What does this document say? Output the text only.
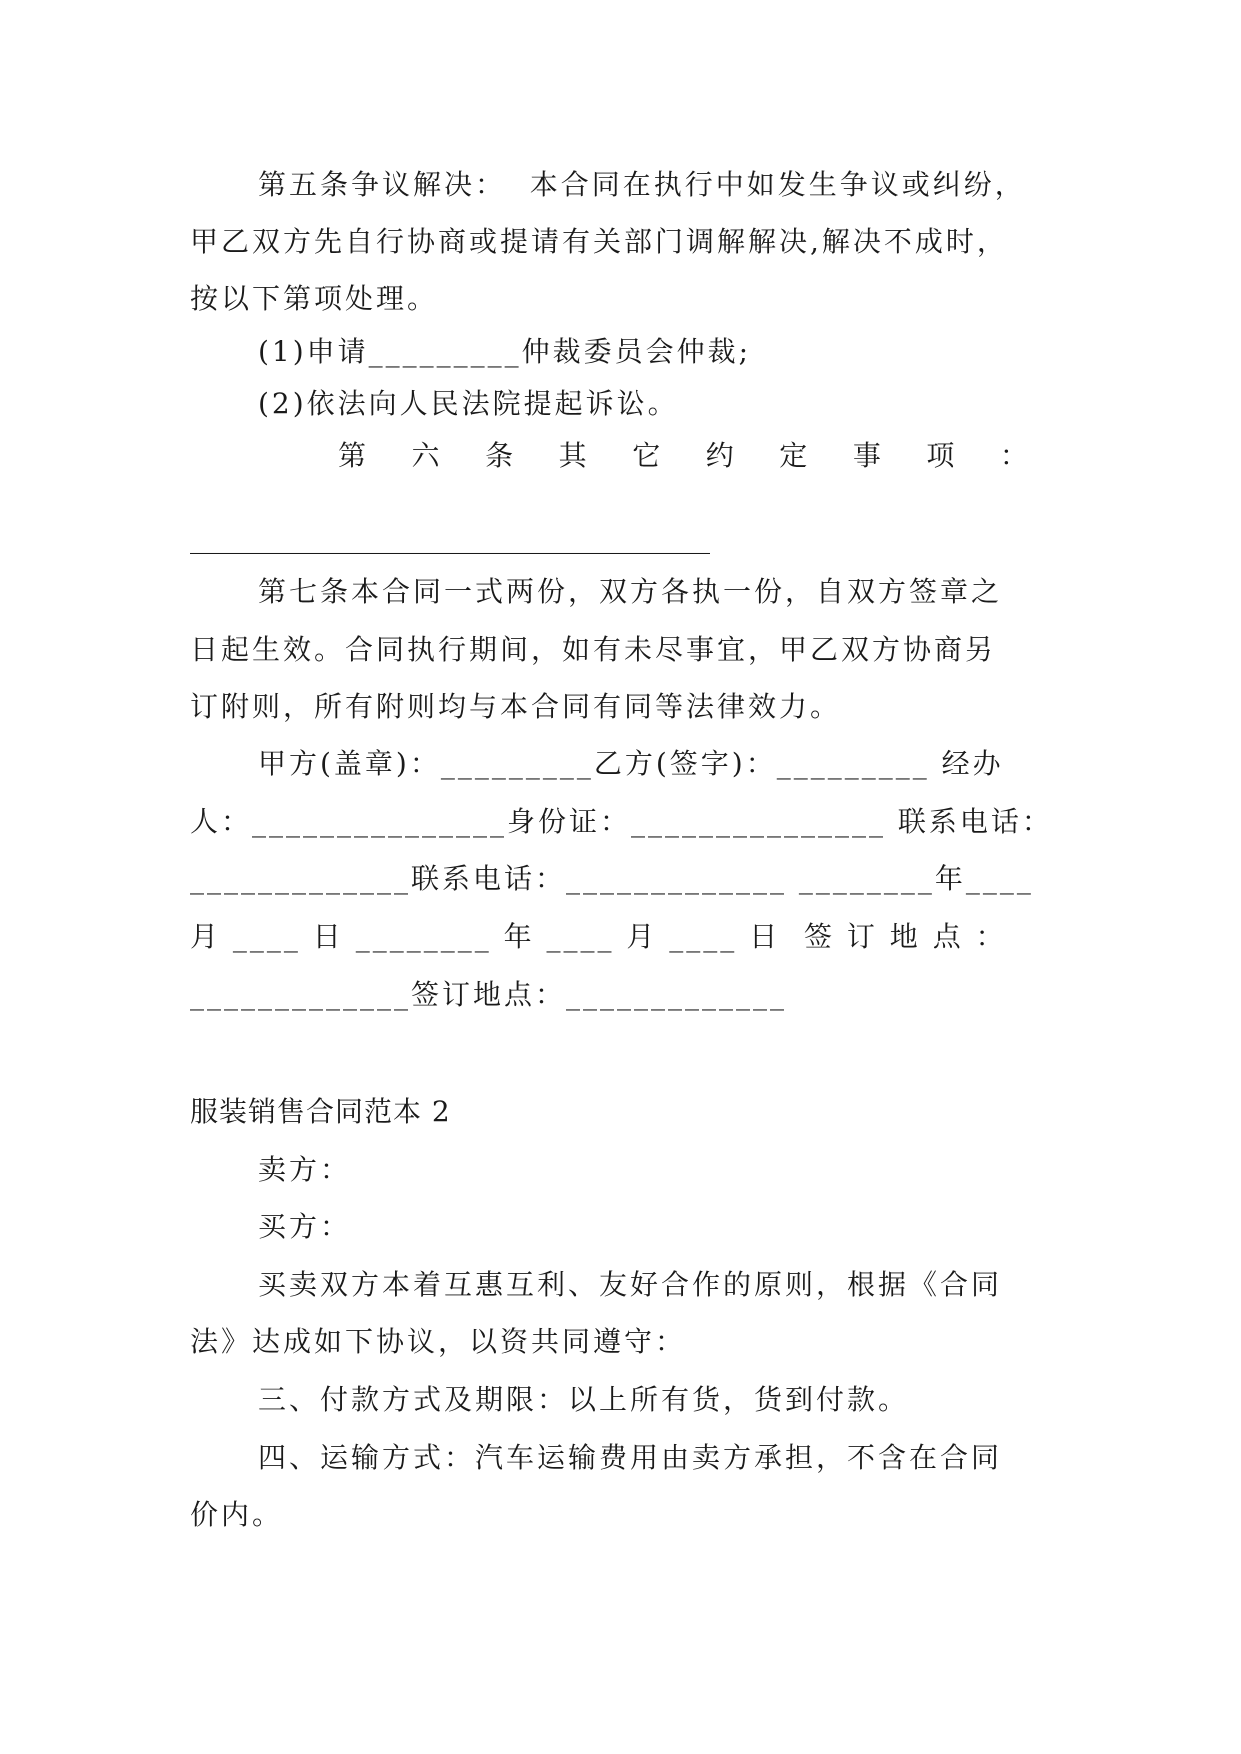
第五条争议解决：  本合同在执行中如发生争议或纠纷，
甲乙双方先自行协商或提请有关部门调解解决,解决不成时，
按以下第项处理。
(1)申请_________仲裁委员会仲裁;
(2)依法向人民法院提起诉讼。
第 六 条 其 它 约 定 事 项 ：
________________________________________
第七条本合同一式两份，双方各执一份，自双方签章之
日起生效。合同执行期间，如有未尽事宜，甲乙双方协商另
订附则，所有附则均与本合同有同等法律效力。
甲方(盖章)：_________乙方(签字)：_________ 经办
人：_______________身份证：_______________ 联系电话：
_____________联系电话：_____________ ________年____
月 ____ 日 ________ 年 ____ 月 ____ 日  签 订 地 点 ：
_____________签订地点：_____________
服装销售合同范本 2
卖方：
买方：
买卖双方本着互惠互利、友好合作的原则，根据《合同
法》达成如下协议，以资共同遵守：
三、付款方式及期限：以上所有货，货到付款。
四、运输方式：汽车运输费用由卖方承担，不含在合同
价内。
